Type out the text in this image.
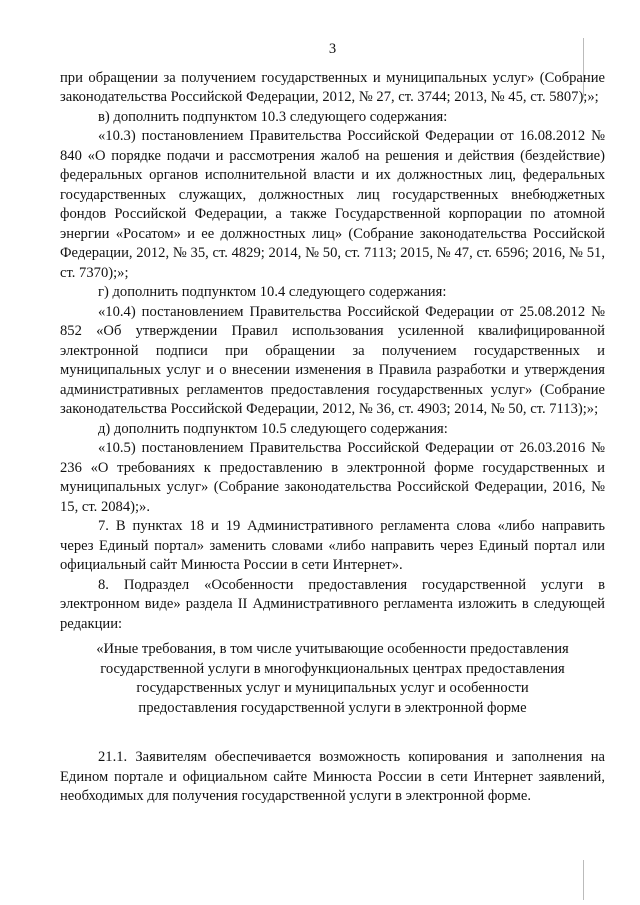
3

при обращении за получением государственных и муниципальных услуг» (Собрание законодательства Российской Федерации, 2012, № 27, ст. 3744; 2013, № 45, ст. 5807);»;

в) дополнить подпунктом 10.3 следующего содержания:

«10.3) постановлением Правительства Российской Федерации от 16.08.2012 № 840 «О порядке подачи и рассмотрения жалоб на решения и действия (бездействие) федеральных органов исполнительной власти и их должностных лиц, федеральных государственных служащих, должностных лиц государственных внебюджетных фондов Российской Федерации, а также Государственной корпорации по атомной энергии «Росатом» и ее должностных лиц» (Собрание законодательства Российской Федерации, 2012, № 35, ст. 4829; 2014, № 50, ст. 7113; 2015, № 47, ст. 6596; 2016, № 51, ст. 7370);»;

г) дополнить подпунктом 10.4 следующего содержания:

«10.4) постановлением Правительства Российской Федерации от 25.08.2012 № 852 «Об утверждении Правил использования усиленной квалифицированной электронной подписи при обращении за получением государственных и муниципальных услуг и о внесении изменения в Правила разработки и утверждения административных регламентов предоставления государственных услуг» (Собрание законодательства Российской Федерации, 2012, № 36, ст. 4903; 2014, № 50, ст. 7113);»;

д) дополнить подпунктом 10.5 следующего содержания:

«10.5) постановлением Правительства Российской Федерации от 26.03.2016 № 236 «О требованиях к предоставлению в электронной форме государственных и муниципальных услуг» (Собрание законодательства Российской Федерации, 2016, № 15, ст. 2084);».

7. В пунктах 18 и 19 Административного регламента слова «либо направить через Единый портал» заменить словами «либо направить через Единый портал или официальный сайт Минюста России в сети Интернет».

8. Подраздел «Особенности предоставления государственной услуги в электронном виде» раздела II Административного регламента изложить в следующей редакции:

«Иные требования, в том числе учитывающие особенности предоставления
государственной услуги в многофункциональных центрах предоставления
государственных услуг и муниципальных услуг и особенности
предоставления государственной услуги в электронной форме

21.1. Заявителям обеспечивается возможность копирования и заполнения на Едином портале и официальном сайте Минюста России в сети Интернет заявлений, необходимых для получения государственной услуги в электронной форме.
